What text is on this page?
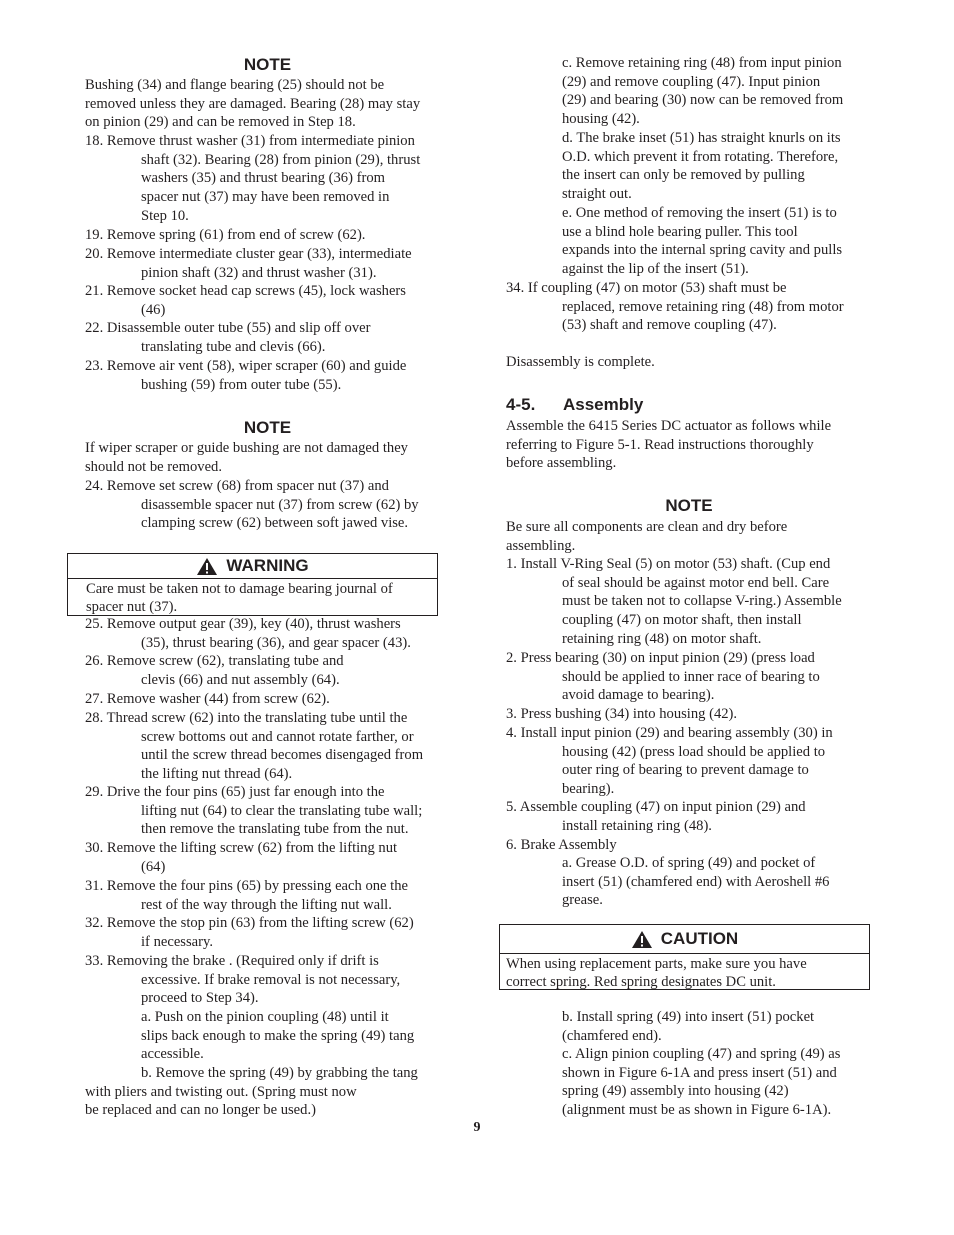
NOTE
Bushing (34) and flange bearing (25) should not be
removed unless they are damaged. Bearing (28) may stay
on pinion (29) and can be removed in Step 18.
18. Remove thrust washer (31) from intermediate pinion
shaft (32). Bearing (28) from pinion (29), thrust
washers (35) and thrust bearing (36) from
spacer nut (37) may have been removed in
Step 10.
19. Remove spring (61) from end of screw (62).
20. Remove intermediate cluster gear (33), intermediate
pinion shaft (32) and thrust washer (31).
21. Remove socket head cap screws (45), lock washers
(46)
22. Disassemble outer tube (55) and slip off over
translating tube and clevis (66).
23. Remove air vent (58), wiper scraper (60) and guide
bushing (59) from outer tube (55).
NOTE
If wiper scraper or guide bushing are not damaged they
should not be removed.
24. Remove set screw (68) from spacer nut (37) and
disassemble spacer nut (37) from screw (62) by
clamping screw (62) between soft jawed vise.
WARNING
Care must be taken not to damage bearing journal of
spacer nut (37).
25. Remove output gear (39), key (40), thrust washers
(35), thrust bearing (36), and gear spacer (43).
26. Remove screw (62), translating tube and
clevis (66) and nut assembly (64).
27. Remove washer (44) from screw (62).
28. Thread screw (62) into the translating tube until the
screw bottoms out and cannot rotate farther, or
until the screw thread becomes disengaged from
the lifting nut thread (64).
29. Drive the four pins (65) just far enough into the
lifting nut (64) to clear the translating tube wall;
then remove the translating tube from the nut.
30. Remove the lifting screw (62) from the lifting nut
(64)
31. Remove the four pins (65) by pressing each one the
rest of the way through the lifting nut wall.
32. Remove the stop pin (63) from the lifting screw (62)
if necessary.
33. Removing the brake . (Required only if drift is
excessive. If brake removal is not necessary,
proceed to Step 34).
a. Push on the pinion coupling (48) until it
slips back enough to make the spring (49) tang
accessible.
b. Remove the spring (49) by grabbing the tang
with pliers and twisting out. (Spring must now
be replaced and can no longer be used.)
c. Remove retaining ring (48) from input pinion
(29) and remove coupling (47). Input pinion
(29) and bearing (30) now can be removed from
housing (42).
d. The brake inset (51) has straight knurls on its
O.D. which prevent it from rotating. Therefore,
the insert can only be removed by pulling
straight out.
e. One method of removing the insert (51) is to
use a blind hole bearing puller. This tool
expands into the internal spring cavity and pulls
against the lip of the insert (51).
34. If coupling (47) on motor (53) shaft must be
replaced, remove retaining ring (48) from motor
(53) shaft and remove coupling (47).
Disassembly is complete.
4-5. Assembly
Assemble the 6415 Series DC actuator as follows while
referring to Figure 5-1. Read instructions thoroughly
before assembling.
NOTE
Be sure all components are clean and dry before
assembling.
1. Install V-Ring Seal (5) on motor (53) shaft. (Cup end
of seal should be against motor end bell. Care
must be taken not to collapse V-ring.) Assemble
coupling (47) on motor shaft, then install
retaining ring (48) on motor shaft.
2. Press bearing (30) on input pinion (29) (press load
should be applied to inner race of bearing to
avoid damage to bearing).
3. Press bushing (34) into housing (42).
4. Install input pinion (29) and bearing assembly (30) in
housing (42) (press load should be applied to
outer ring of bearing to prevent damage to
bearing).
5. Assemble coupling (47) on input pinion (29) and
install retaining ring (48).
6. Brake Assembly
a. Grease O.D. of spring (49) and pocket of
insert (51) (chamfered end) with Aeroshell #6
grease.
CAUTION
When using replacement parts, make sure you have
correct spring. Red spring designates DC unit.
b. Install spring (49) into insert (51) pocket
(chamfered end).
c. Align pinion coupling (47) and spring (49) as
shown in Figure 6-1A and press insert (51) and
spring (49) assembly into housing (42)
(alignment must be as shown in Figure 6-1A).
9
